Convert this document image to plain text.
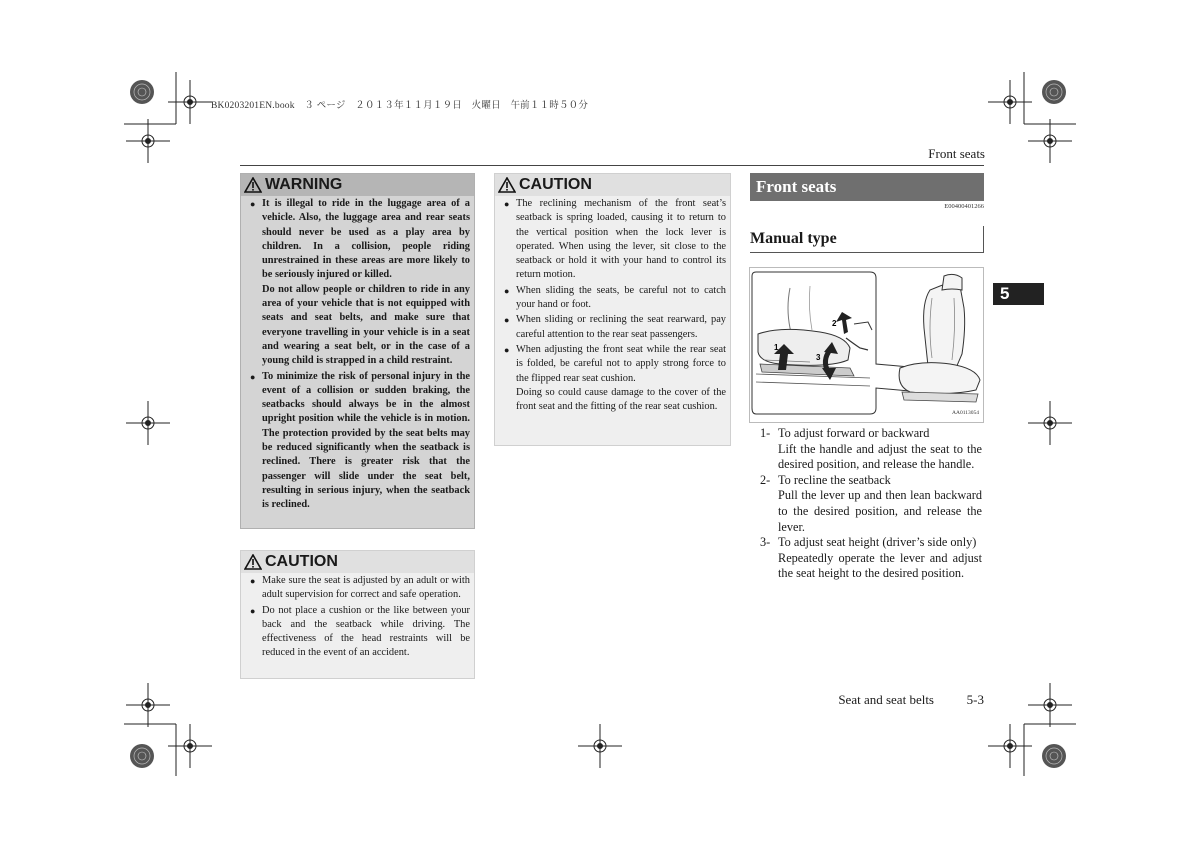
BK0203201EN.book　３ ページ　２０１３年１１月１９日　火曜日　午前１１時５０分
Front seats
WARNING
● It is illegal to ride in the luggage area of a vehicle. Also, the luggage area and rear seats should never be used as a play area by children. In a collision, people riding unrestrained in these areas are more likely to be seriously injured or killed.

Do not allow people or children to ride in any area of your vehicle that is not equipped with seats and seat belts, and make sure that everyone travelling in your vehicle is in a seat and wearing a seat belt, or in the case of a young child is strapped in a child restraint.

● To minimize the risk of personal injury in the event of a collision or sudden braking, the seatbacks should always be in the almost upright position while the vehicle is in motion. The protection provided by the seat belts may be reduced significantly when the seatback is reclined. There is greater risk that the passenger will slide under the seat belt, resulting in serious injury, when the seatback is reclined.

CAUTION
● Make sure the seat is adjusted by an adult or with adult supervision for correct and safe operation.

● Do not place a cushion or the like between your back and the seatback while driving. The effectiveness of the head restraints will be reduced in the event of an accident.

CAUTION
● The reclining mechanism of the front seat’s seatback is spring loaded, causing it to return to the vertical position when the lock lever is operated. When using the lever, sit close to the seatback or hold it with your hand to control its return motion.

● When sliding the seats, be careful not to catch your hand or foot.

● When sliding or reclining the seat rearward, pay careful attention to the rear seat passengers.

● When adjusting the front seat while the rear seat is folded, be careful not to apply strong force to the flipped rear seat cushion.

Doing so could cause damage to the cover of the front seat and the fitting of the rear seat cushion.

Front seats
E00400401266
Manual type
1
2
3
AA0113054
1- To adjust forward or backward
Lift the handle and adjust the seat to the desired position, and release the handle.
2- To recline the seatback
Pull the lever up and then lean backward to the desired position, and release the lever.
3- To adjust seat height (driver’s side only)
Repeatedly operate the lever and adjust the seat height to the desired position.
5
Seat and seat belts	5-3
